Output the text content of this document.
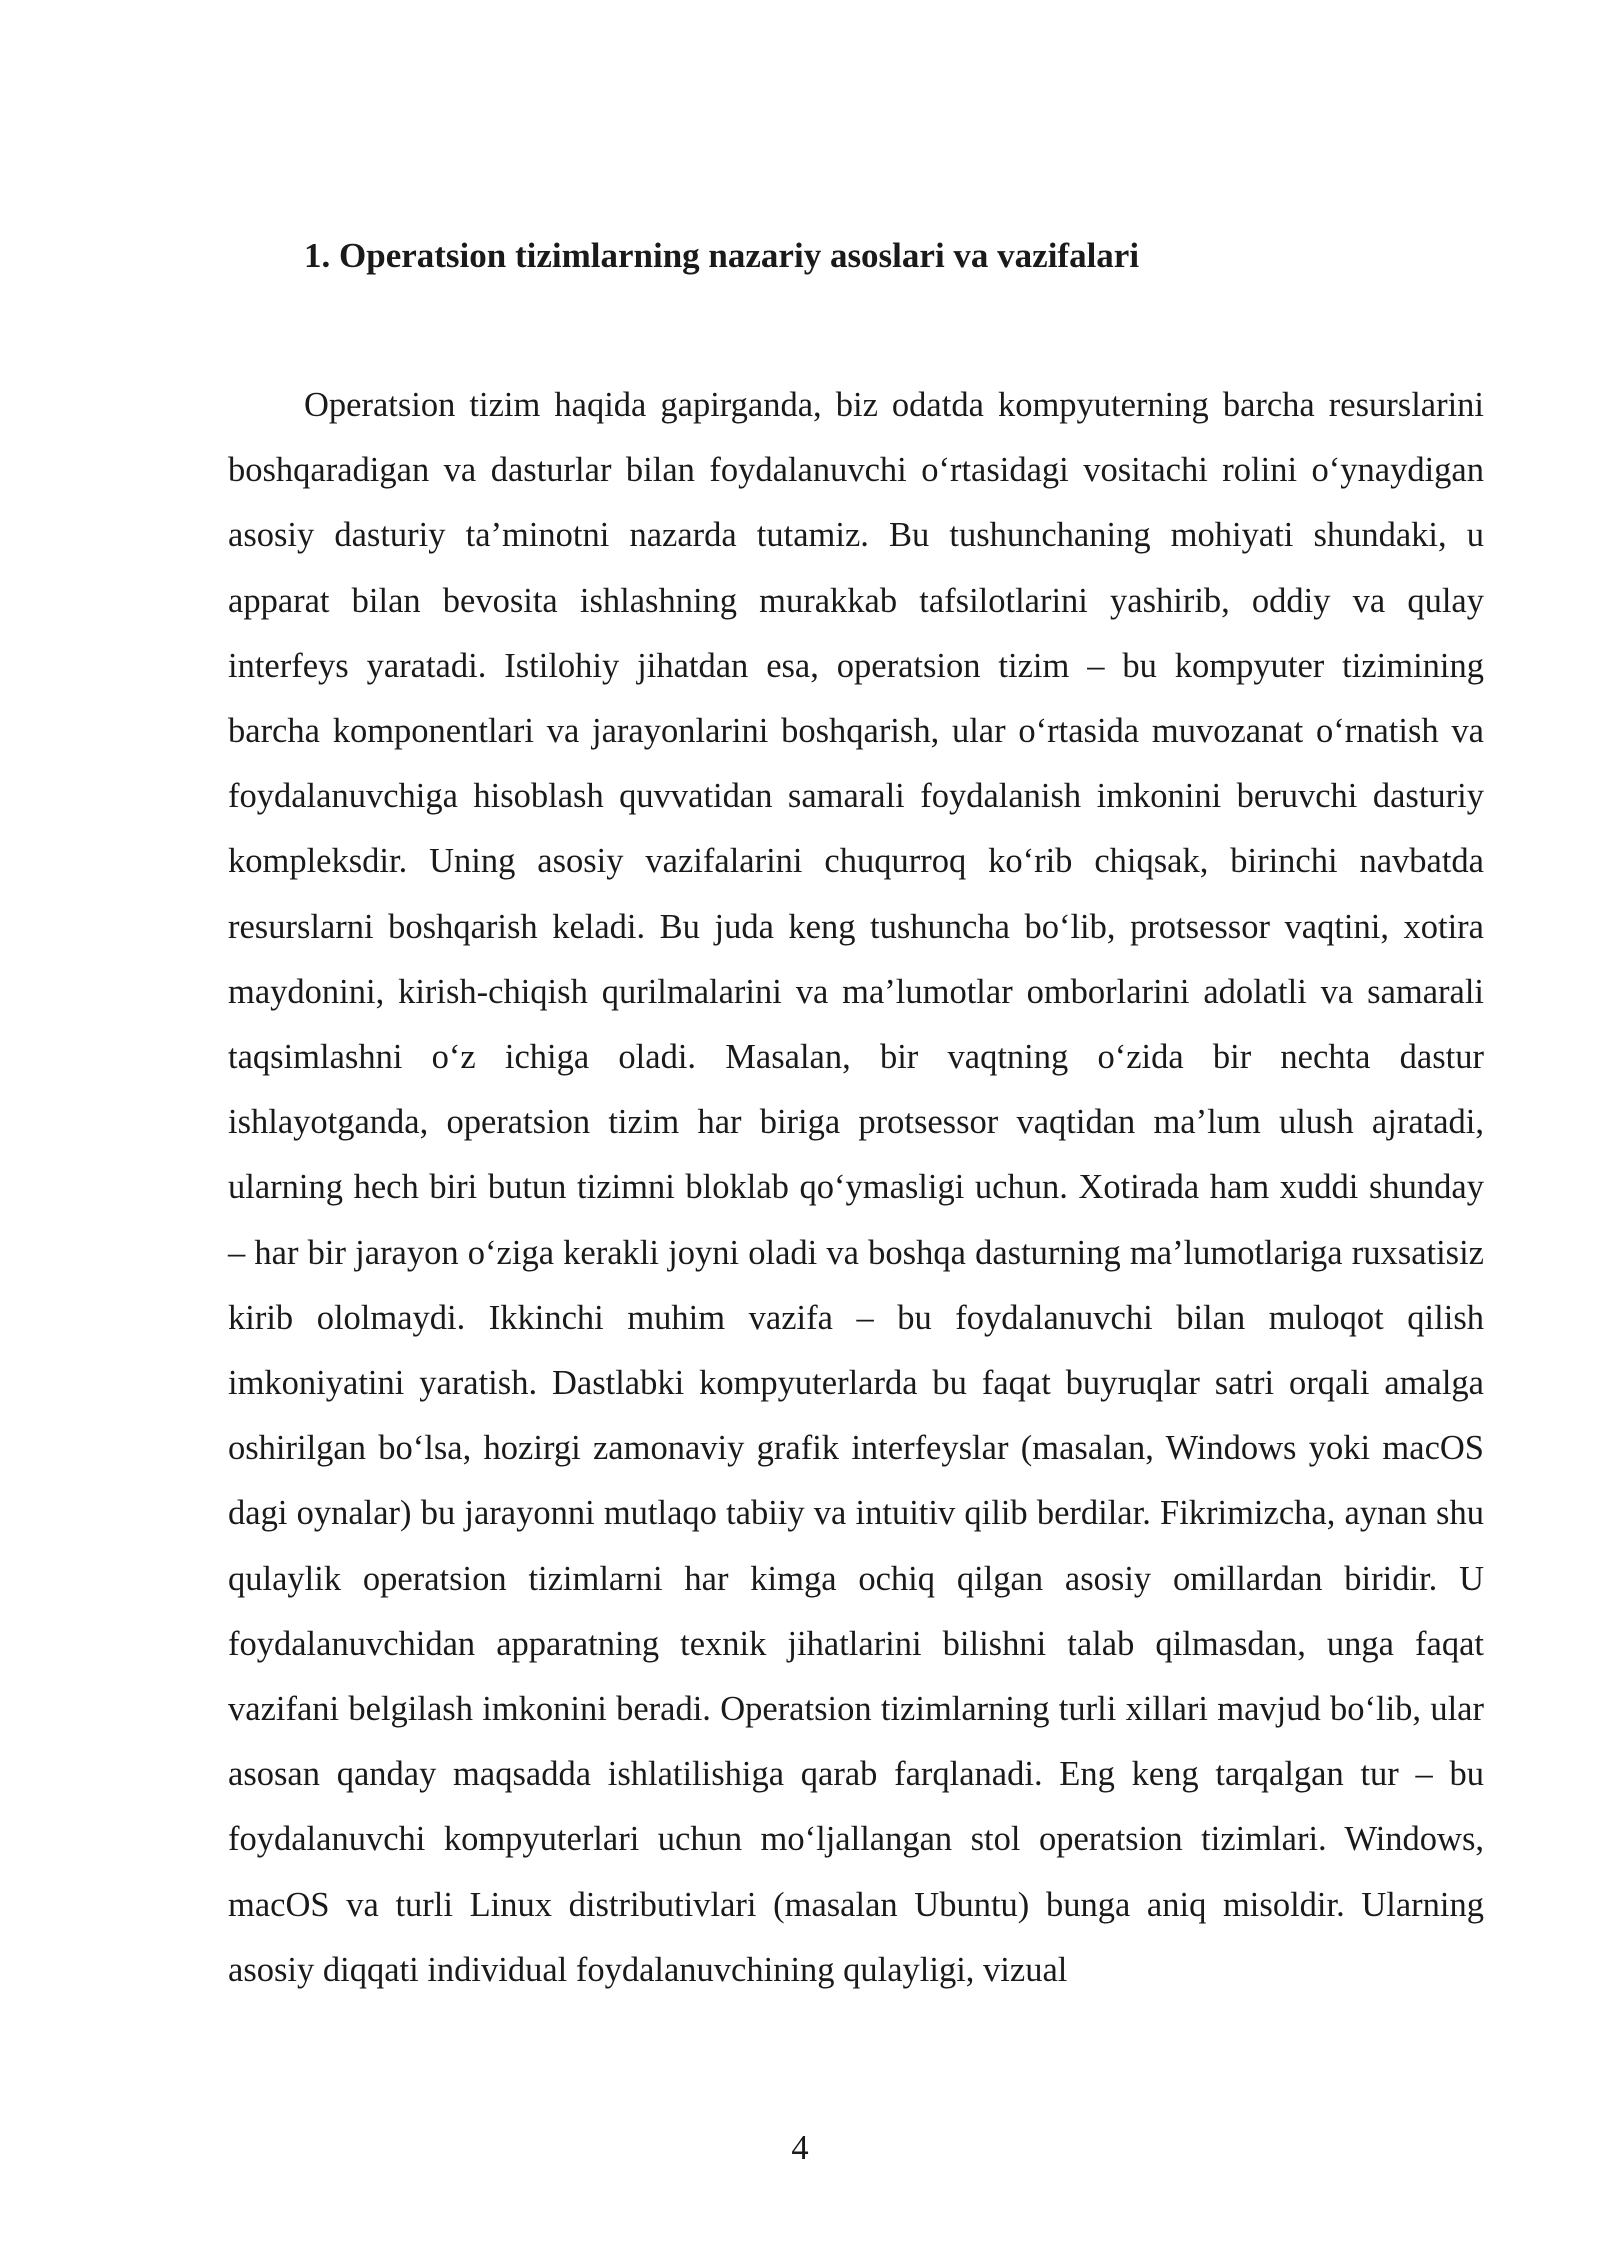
1. Operatsion tizimlarning nazariy asoslari va vazifalari

Operatsion tizim haqida gapirganda, biz odatda kompyuterning barcha resurslarini boshqaradigan va dasturlar bilan foydalanuvchi o‘rtasidagi vositachi rolini o‘ynaydigan asosiy dasturiy ta’minotni nazarda tutamiz. Bu tushunchaning mohiyati shundaki, u apparat bilan bevosita ishlashning murakkab tafsilotlarini yashirib, oddiy va qulay interfeys yaratadi. Istilohiy jihatdan esa, operatsion tizim – bu kompyuter tizimining barcha komponentlari va jarayonlarini boshqarish, ular o‘rtasida muvozanat o‘rnatish va foydalanuvchiga hisoblash quvvatidan samarali foydalanish imkonini beruvchi dasturiy kompleksdir. Uning asosiy vazifalarini chuqurroq ko‘rib chiqsak, birinchi navbatda resurslarni boshqarish keladi. Bu juda keng tushuncha bo‘lib, protsessor vaqtini, xotira maydonini, kirish-chiqish qurilmalarini va ma’lumotlar omborlarini adolatli va samarali taqsimlashni o‘z ichiga oladi. Masalan, bir vaqtning o‘zida bir nechta dastur ishlayotganda, operatsion tizim har biriga protsessor vaqtidan ma’lum ulush ajratadi, ularning hech biri butun tizimni bloklab qo‘ymasligi uchun. Xotirada ham xuddi shunday – har bir jarayon o‘ziga kerakli joyni oladi va boshqa dasturning ma’lumotlariga ruxsatisiz kirib ololmaydi. Ikkinchi muhim vazifa – bu foydalanuvchi bilan muloqot qilish imkoniyatini yaratish. Dastlabki kompyuterlarda bu faqat buyruqlar satri orqali amalga oshirilgan bo‘lsa, hozirgi zamonaviy grafik interfeyslar (masalan, Windows yoki macOS dagi oynalar) bu jarayonni mutlaqo tabiiy va intuitiv qilib berdilar. Fikrimizcha, aynan shu qulaylik operatsion tizimlarni har kimga ochiq qilgan asosiy omillardan biridir. U foydalanuvchidan apparatning texnik jihatlarini bilishni talab qilmasdan, unga faqat vazifani belgilash imkonini beradi. Operatsion tizimlarning turli xillari mavjud bo‘lib, ular asosan qanday maqsadda ishlatilishiga qarab farqlanadi. Eng keng tarqalgan tur – bu foydalanuvchi kompyuterlari uchun mo‘ljallangan stol operatsion tizimlari. Windows, macOS va turli Linux distributivlari (masalan Ubuntu) bunga aniq misoldir. Ularning asosiy diqqati individual foydalanuvchining qulayligi, vizual

4
